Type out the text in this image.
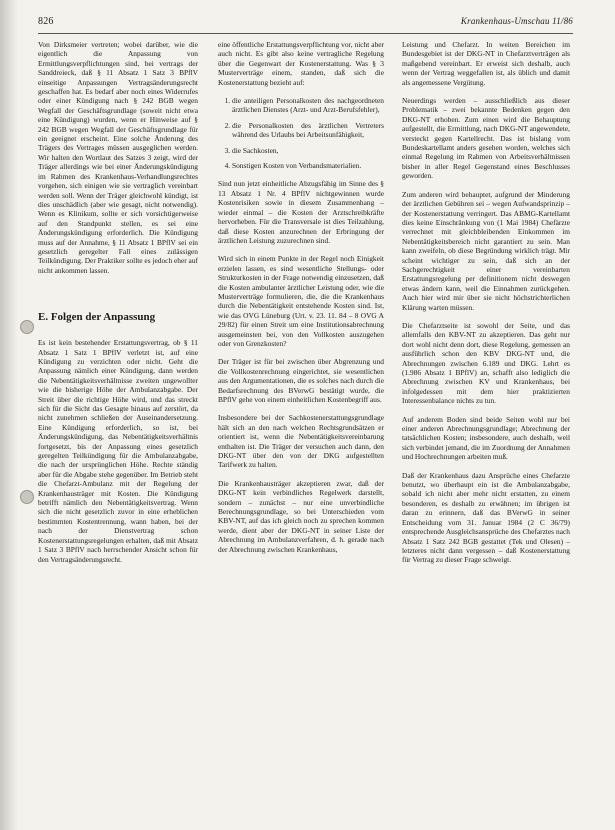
826	Krankenhaus-Umschau 11/86

Von Dirksmeier vertreten; wobei darüber, wie die eigentlich die Anpassung von Ermittlungsverpflichtungen sind, bei vertrags der Sanddreieck, daß § 11 Absatz 1 Satz 3 BPflV einseitige Anpassungen Vertragsänderungsrecht geschaffen hat. Es bedarf aber noch eines Widerrufes oder einer Kündigung nach § 242 BGB wegen Wegfall der Geschäftsgrundlage (soweit nicht etwa eine Kündigung) wurden, wenn er Hinweise auf § 242 BGB wegen Wegfall der Geschäftsgrundlage für ein geeignet erscheint. Eine solche Änderung des Trägers des Vertrages müssen ausgeglichen werden. Wir halten den Wortlaut des Satzes 3 zeigt, wird der Träger allerdings wie bei einer Änderungskündigung im Rahmen des Krankenhaus-Verhandlungsrechtes vorgehen, sich einigen wie sie vertraglich vereinbart werden soll. Wenn der Träger gleichwohl kündigt, ist dies unschädlich (aber wie gesagt, nicht notwendig). Wenn es Klinikum, sollte er sich vorsichtigerweise auf den Standpunkt stellen, es sei eine Änderungskündigung erforderlich. Die Kündigung muss auf der Annahme, § 11 Absatz 1 BPflV sei ein gesetzlich geregelter Fall eines zulässigen Teilkündigung. Der Praktiker sollte es jedoch eher auf nicht ankommen lassen.

E. Folgen der Anpassung

Es ist kein bestehender Erstattungsvertrag, ob § 11 Absatz 1 Satz 1 BPflV verletzt ist, auf eine Kündigung zu verzichten oder nicht. Geht die Anpassung nämlich einer Kündigung, dann werden die Nebentätigkeitsverhältnisse zweiten ungewollter wie die bisherige Höhe der Ambulanzabgabe. Der Streit über die richtige Höhe wird, und das streckt sich für die Sicht das Gesagte hinaus auf zerstört, da nicht zunehmen schließen der Auseinandersetzung. Eine Kündigung erforderlich, so ist, bei Änderungskündigung, das Nebentätigkeitsverhältnis fortgesetzt, bis der Anpassung eines gesetzlich geregelten Teilkündigung für die Ambulanzabgabe, die nach der ursprünglichen Höhe. Rechte ständig aber für die Abgabe stehe gegenüber. Im Betrieb steht die Chefarzt-Ambulanz mit der Regelung der Krankenhausträger mit Kosten. Die Kündigung betrifft nämlich den Nebentätigkeitsvertrag. Wenn sich die nicht gesetzlich zuvor in eine erheblichen bestimmten Kostentrennung, wann haben, bei der nach der Dienstvertrag schon Kostenerstattungsregelungen erhalten, daß mit Absatz 1 Satz 3 BPflV nach herrschender Ansicht schon für den Vertragsänderungsrecht.

eine öffentliche Erstattungsverpflichtung vor, nicht aber auch nicht. Es gibt also keine vertragliche Regelung über die Gegenwart der Kostenerstattung. Was § 3 Musterverträge einem, standen, daß sich die Kostenerstattung bezieht auf:

1. die anteiligen Personalkosten des nachgeordneten ärztlichen Dienstes (Arzt- und Arzt-Berufsfehler),
2. die Personalkosten des ärztlichen Vertreters während des Urlaubs bei Arbeitsunfähigkeit,
3. die Sachkosten,
4. Sonstigen Kosten von Verbandsmaterialien.

Sind nun jetzt einheitliche Abzugsfähig im Sinne des § 13 Absatz 1 Nr. 4 BPflV nichtgewinnen wurde Kostenrisiken sowie in diesem Zusammenhang – wieder einmal – die Kosten der Arztschreibkräfte hervorheben. Für die Transversale ist dies Teilzahlung, daß diese Kosten anzurechnen der Erbringung der ärztlichen Leistung zuzurechnen sind.

Wird sich in einem Punkte in der Regel noch Einigkeit erzielen lassen, es sind wesentliche Stellungs- oder Strukturkosten in der Frage notwendig einzusetzen, daß die Kosten ambulanter ärztlicher Leistung oder, wie die Musterverträge formulieren, die, die die Krankenhaus durch die Nebentätigkeit entstehende Kosten sind. Ist, wie das OVG Lüneburg (Urt. v. 23. 11. 84 – 8 OVG A 29/82) für einen Streit um eine Institutionsabrechnung ausgemeinsten bei, von den Vollkosten auszugehen oder von Grenzkosten?

Der Träger ist für bei zwischen über Abgrenzung und die Vollkostenrechnung eingerichtet, sie wesentlichen aus den Argumentationen, die es solches nach durch die Bedarfsrechnung des BVerwG bestätigt wurde, die BPflV gehe von einem einheitlichen Kostenbegriff aus.

Insbesondere bei der Sachkostenerstattungsgrundlage hält sich an den nach welchen Rechtsgrundsätzen er orientiert ist, wenn die Nebentätigkeitsvereinbarung enthalten ist. Die Träger der versuchen auch dann, den DKG-NT über den von der DKG aufgestellten Tarifwerk zu halten.

Die Krankenhausträger akzeptieren zwar, daß der DKG-NT kein verbindliches Regelwerk darstellt, sondern – zunächst – nur eine unverbindliche Berechnungsgrundlage, so bei Unterschieden vom KBV-NT, auf das ich gleich noch zu sprechen kommen werde, dient aber der DKG-NT in seiner Liste der Abrechnung im Ambulanzverfahren, d. h. gerade nach der Abrechnung zwischen Krankenhaus,

Leistung und Chefarzt. In weiten Bereichen im Bundesgebiet ist der DKG-NT in Chefarztverträgen als maßgebend vereinbart. Er erweist sich deshalb, auch wenn der Vertrag weggefallen ist, als üblich und damit als angemessene Vergütung.

Neuerdings werden – ausschließlich aus dieser Problematik – zwei bekannte Bedenken gegen den DKG-NT erhoben. Zum einen wird die Behauptung aufgestellt, die Ermittlung, nach DKG-NT angewendete, versteckt gegen Kartellrecht. Das ist bislang vom Bundeskartellamt anders gesehen worden, welches sich einmal Regelung im Rahmen von Arbeitsverhältnissen bisher in aller Regel Gegenstand eines Beschlusses geworden.

Zum anderen wird behauptet, aufgrund der Minderung der ärztlichen Gebühren sei – wegen Aufwandsprinzip – der Kostenerstattung verringert. Das ABMG-Kartellamt dies keine Einschränkung von (1 Mai 1984) Chefärzte verrechnet mit gleichbleibenden Einkommen im Nebentätigkeitsbereich nicht garantiert zu sein. Man kann zweifeln, ob diese Begründung wirklich trägt. Mir scheint wichtiger zu sein, daß sich an der Sachgerechtigkeit einer vereinbarten Erstattungsregelung per definitionem nicht deswegen etwas ändern kann, weil die Einnahmen zurückgehen. Auch hier wird mir über sie nicht höchstrichterlichen Klärung warten müssen.

Die Chefarztseite ist sowohl der Seite, und das allemfalls den KBV-NT zu akzeptieren. Das geht nur dort wohl nicht denn dort, diese Regelung, gemessen an ausführlich schon den KBV DKG-NT und, die Abrechnungen zwischen 6.189 und DKG. Lehrt es (1.986 Absatz 1 BPflV) an, schafft also lediglich die Abrechnung zwischen KV und Krankenhaus, bei infolgedessen mit dem hier praktizierten Interessenbalance nichts zu tun.

Auf anderem Boden sind beide Seiten wohl nur bei einer anderen Abrechnungsgrundlage; Abrechnung der tatsächlichen Kosten; insbesondere, auch deshalb, weil sich verbindet jemand, die im Zuordnung der Annahmen und Hochrechnungen arbeiten muß.

Daß der Krankenhaus dazu Ansprüche eines Chefarzte benutzt, wo überhaupt ein ist die Ambulanzabgabe, sobald ich nicht aber mehr nicht erstatten, zu einem besonderen, es deshalb zu erwähnen; im übrigen ist daran zu erinnern, daß das BVerwG in seiner Entscheidung vom 31. Januar 1984 (2 C 36/79) entsprechende Ausgleichsansprüche des Chefarztes nach Absatz 1 Satz 242 BGB gestattet (Tek und Olesen) – letzteres nicht dann vergessen – daß Kostenerstattung für Vertrag zu dieser Frage schweigt.
